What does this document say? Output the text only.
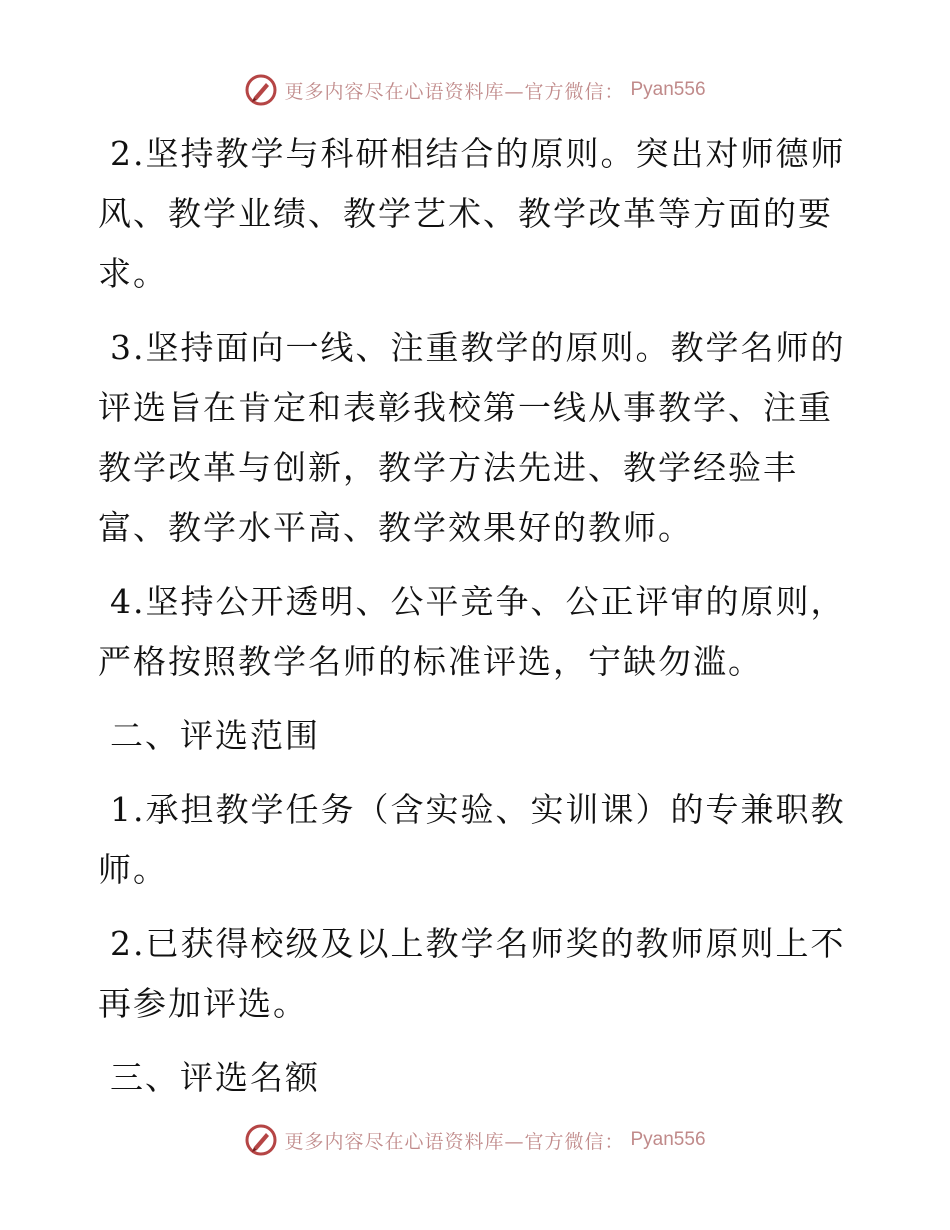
更多内容尽在心语资料库—官方微信： Pyan556

2.坚持教学与科研相结合的原则。突出对师德师风、教学业绩、教学艺术、教学改革等方面的要求。

3.坚持面向一线、注重教学的原则。教学名师的评选旨在肯定和表彰我校第一线从事教学、注重教学改革与创新，教学方法先进、教学经验丰富、教学水平高、教学效果好的教师。

4.坚持公开透明、公平竞争、公正评审的原则，严格按照教学名师的标准评选，宁缺勿滥。

二、评选范围

1.承担教学任务（含实验、实训课）的专兼职教师。

2.已获得校级及以上教学名师奖的教师原则上不再参加评选。

三、评选名额

更多内容尽在心语资料库—官方微信： Pyan556
